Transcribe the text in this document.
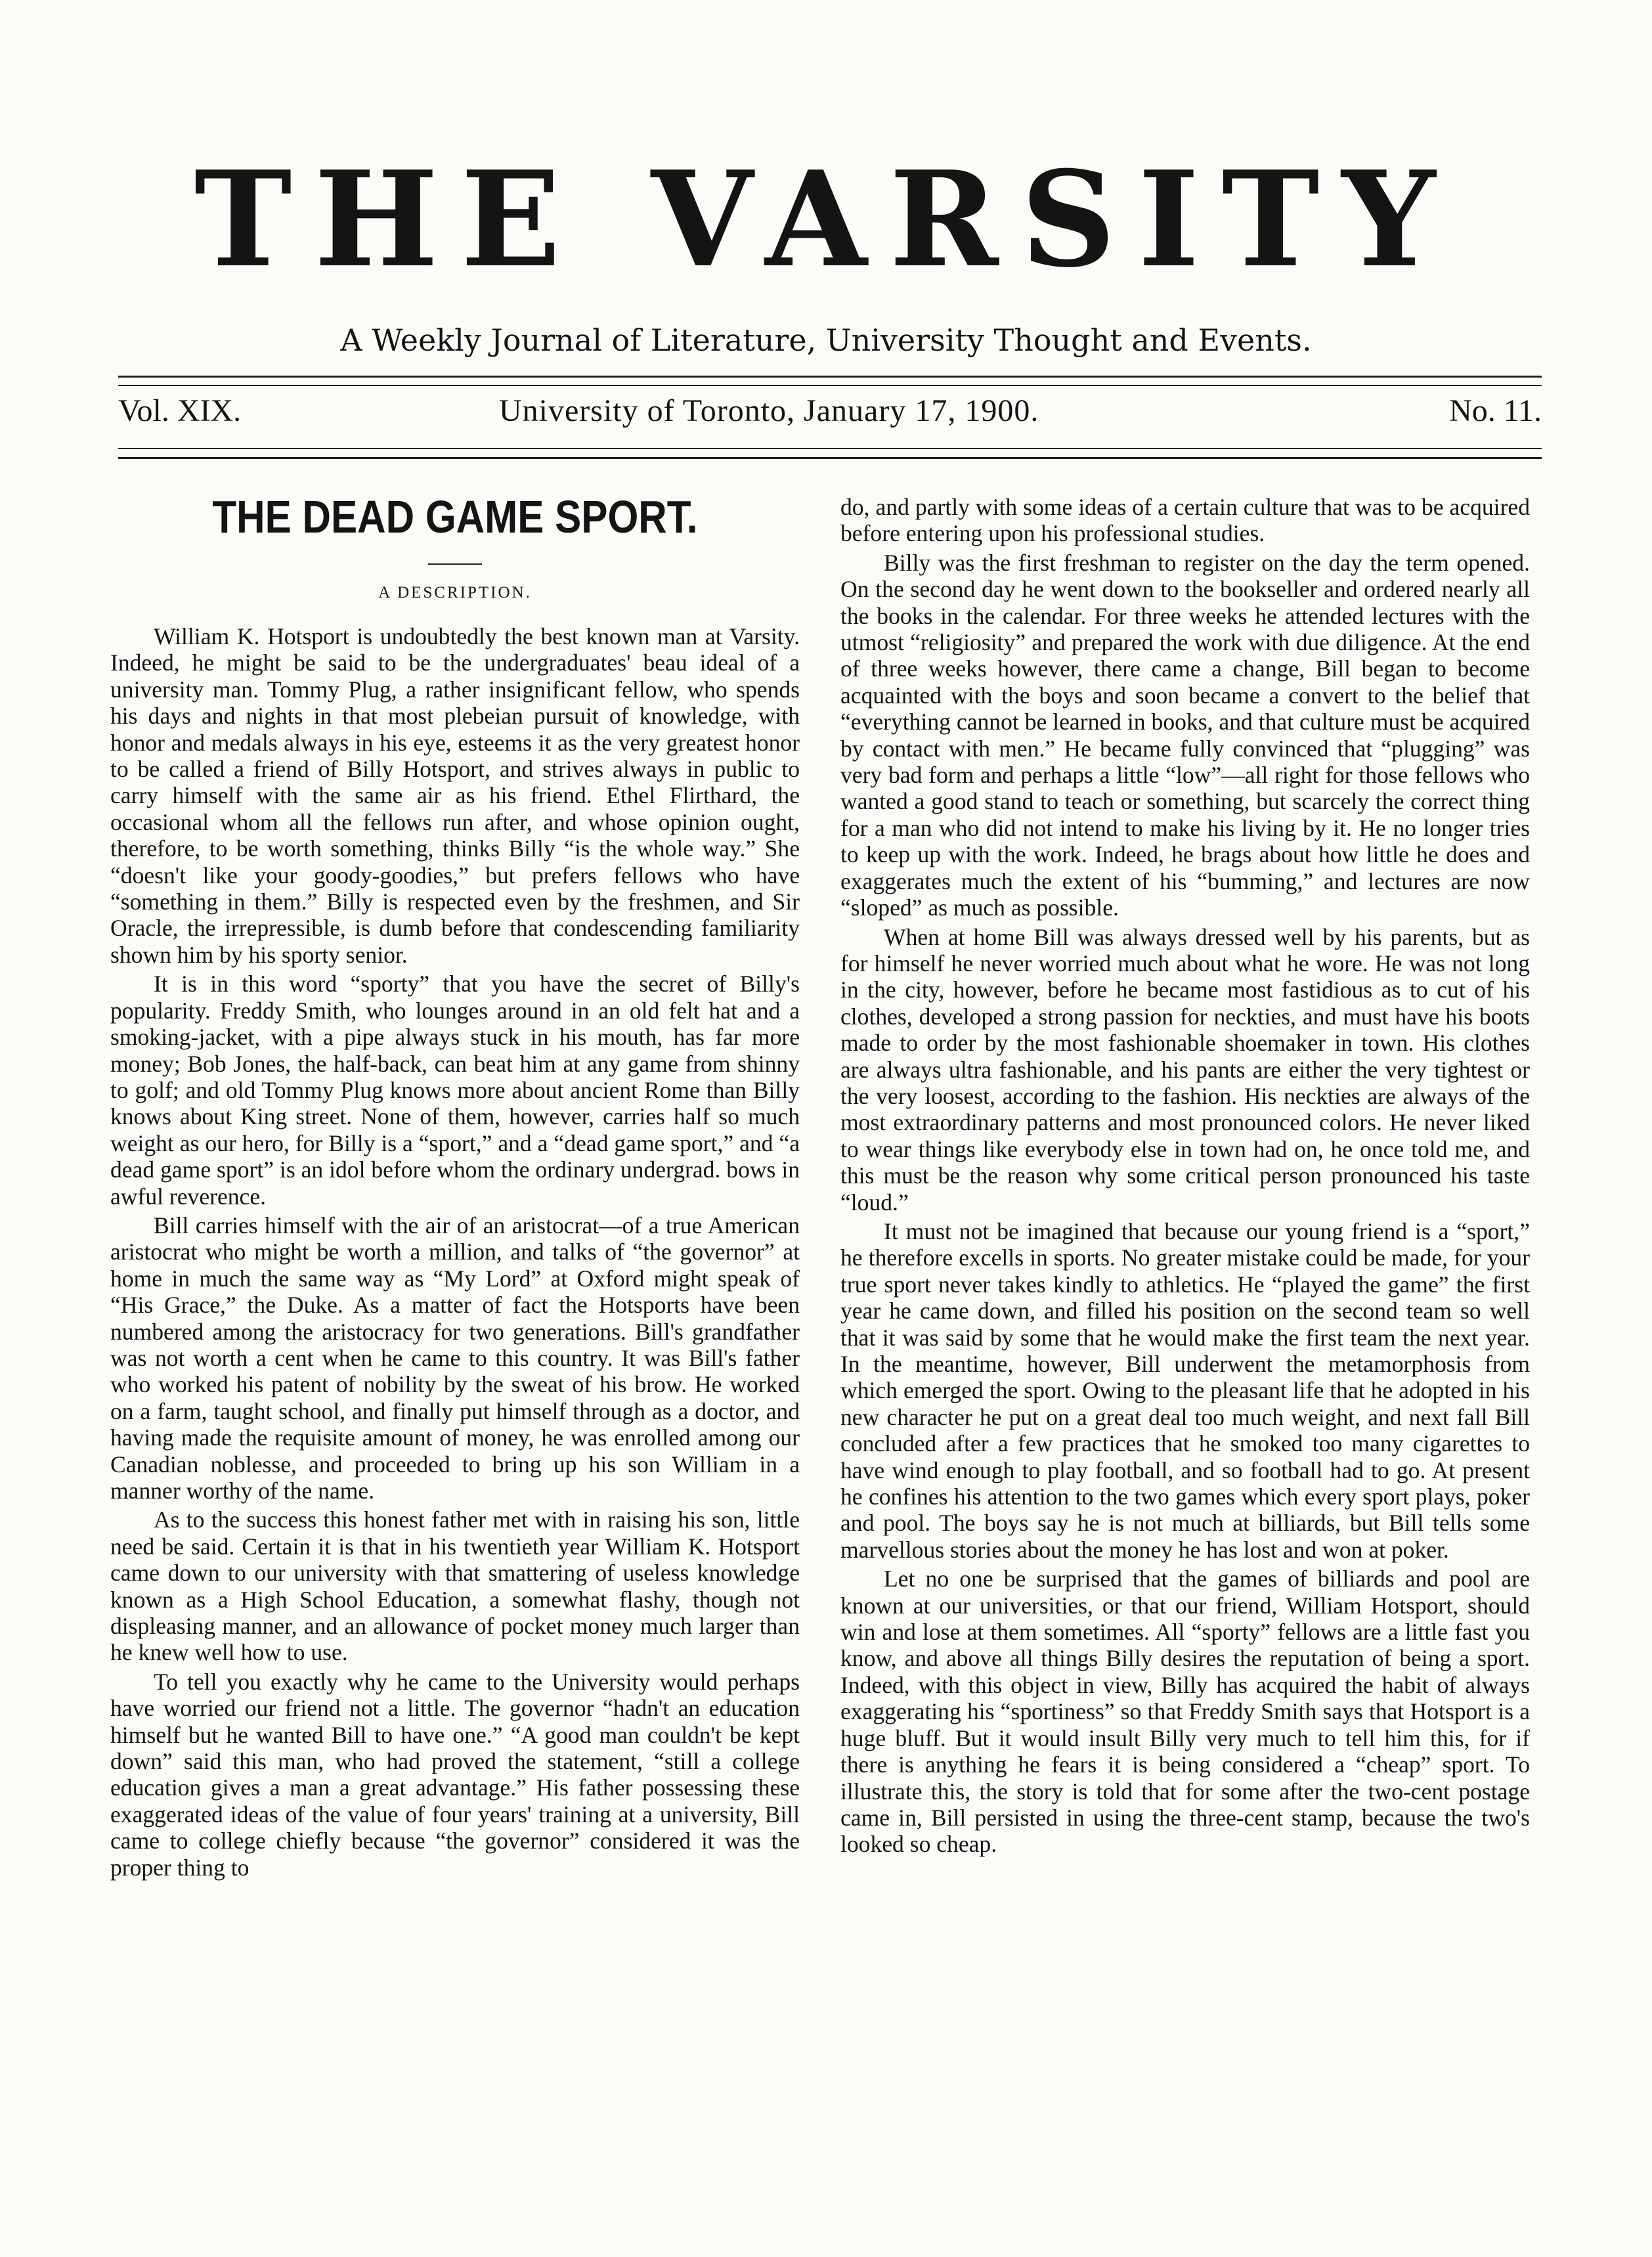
THE VARSITY
A Weekly Journal of Literature, University Thought and Events.
Vol. XIX.	University of Toronto, January 17, 1900.	No. 11.
THE DEAD GAME SPORT.
A DESCRIPTION.

William K. Hotsport is undoubtedly the best known man at Varsity. Indeed, he might be said to be the undergraduates' beau ideal of a university man. Tommy Plug, a rather insignificant fellow, who spends his days and nights in that most plebeian pursuit of knowledge, with honor and medals always in his eye, esteems it as the very greatest honor to be called a friend of Billy Hotsport, and strives always in public to carry himself with the same air as his friend. Ethel Flirthard, the occasional whom all the fellows run after, and whose opinion ought, therefore, to be worth something, thinks Billy “is the whole way.” She “doesn't like your goody-goodies,” but prefers fellows who have “something in them.” Billy is respected even by the freshmen, and Sir Oracle, the irrepressible, is dumb before that condescending familiarity shown him by his sporty senior.

It is in this word “sporty” that you have the secret of Billy's popularity. Freddy Smith, who lounges around in an old felt hat and a smoking-jacket, with a pipe always stuck in his mouth, has far more money; Bob Jones, the half-back, can beat him at any game from shinny to golf; and old Tommy Plug knows more about ancient Rome than Billy knows about King street. None of them, however, carries half so much weight as our hero, for Billy is a “sport,” and a “dead game sport,” and “a dead game sport” is an idol before whom the ordinary undergrad. bows in awful reverence.

Bill carries himself with the air of an aristocrat—of a true American aristocrat who might be worth a million, and talks of “the governor” at home in much the same way as “My Lord” at Oxford might speak of “His Grace,” the Duke. As a matter of fact the Hotsports have been numbered among the aristocracy for two generations. Bill's grandfather was not worth a cent when he came to this country. It was Bill's father who worked his patent of nobility by the sweat of his brow. He worked on a farm, taught school, and finally put himself through as a doctor, and having made the requisite amount of money, he was enrolled among our Canadian noblesse, and proceeded to bring up his son William in a manner worthy of the name.

As to the success this honest father met with in raising his son, little need be said. Certain it is that in his twentieth year William K. Hotsport came down to our university with that smattering of useless knowledge known as a High School Education, a somewhat flashy, though not displeasing manner, and an allowance of pocket money much larger than he knew well how to use.

To tell you exactly why he came to the University would perhaps have worried our friend not a little. The governor “hadn't an education himself but he wanted Bill to have one.” “A good man couldn't be kept down” said this man, who had proved the statement, “still a college education gives a man a great advantage.” His father possessing these exaggerated ideas of the value of four years' training at a university, Bill came to college chiefly because “the governor” considered it was the proper thing to

do, and partly with some ideas of a certain culture that was to be acquired before entering upon his professional studies.

Billy was the first freshman to register on the day the term opened. On the second day he went down to the bookseller and ordered nearly all the books in the calendar. For three weeks he attended lectures with the utmost “religiosity” and prepared the work with due diligence. At the end of three weeks however, there came a change, Bill began to become acquainted with the boys and soon became a convert to the belief that “everything cannot be learned in books, and that culture must be acquired by contact with men.” He became fully convinced that “plugging” was very bad form and perhaps a little “low”—all right for those fellows who wanted a good stand to teach or something, but scarcely the correct thing for a man who did not intend to make his living by it. He no longer tries to keep up with the work. Indeed, he brags about how little he does and exaggerates much the extent of his “bumming,” and lectures are now “sloped” as much as possible.

When at home Bill was always dressed well by his parents, but as for himself he never worried much about what he wore. He was not long in the city, however, before he became most fastidious as to cut of his clothes, developed a strong passion for neckties, and must have his boots made to order by the most fashionable shoemaker in town. His clothes are always ultra fashionable, and his pants are either the very tightest or the very loosest, according to the fashion. His neckties are always of the most extraordinary patterns and most pronounced colors. He never liked to wear things like everybody else in town had on, he once told me, and this must be the reason why some critical person pronounced his taste “loud.”

It must not be imagined that because our young friend is a “sport,” he therefore excells in sports. No greater mistake could be made, for your true sport never takes kindly to athletics. He “played the game” the first year he came down, and filled his position on the second team so well that it was said by some that he would make the first team the next year. In the meantime, however, Bill underwent the metamorphosis from which emerged the sport. Owing to the pleasant life that he adopted in his new character he put on a great deal too much weight, and next fall Bill concluded after a few practices that he smoked too many cigarettes to have wind enough to play football, and so football had to go. At present he confines his attention to the two games which every sport plays, poker and pool. The boys say he is not much at billiards, but Bill tells some marvellous stories about the money he has lost and won at poker.

Let no one be surprised that the games of billiards and pool are known at our universities, or that our friend, William Hotsport, should win and lose at them sometimes. All “sporty” fellows are a little fast you know, and above all things Billy desires the reputation of being a sport. Indeed, with this object in view, Billy has acquired the habit of always exaggerating his “sportiness” so that Freddy Smith says that Hotsport is a huge bluff. But it would insult Billy very much to tell him this, for if there is anything he fears it is being considered a “cheap” sport. To illustrate this, the story is told that for some after the two-cent postage came in, Bill persisted in using the three-cent stamp, because the two's looked so cheap.
